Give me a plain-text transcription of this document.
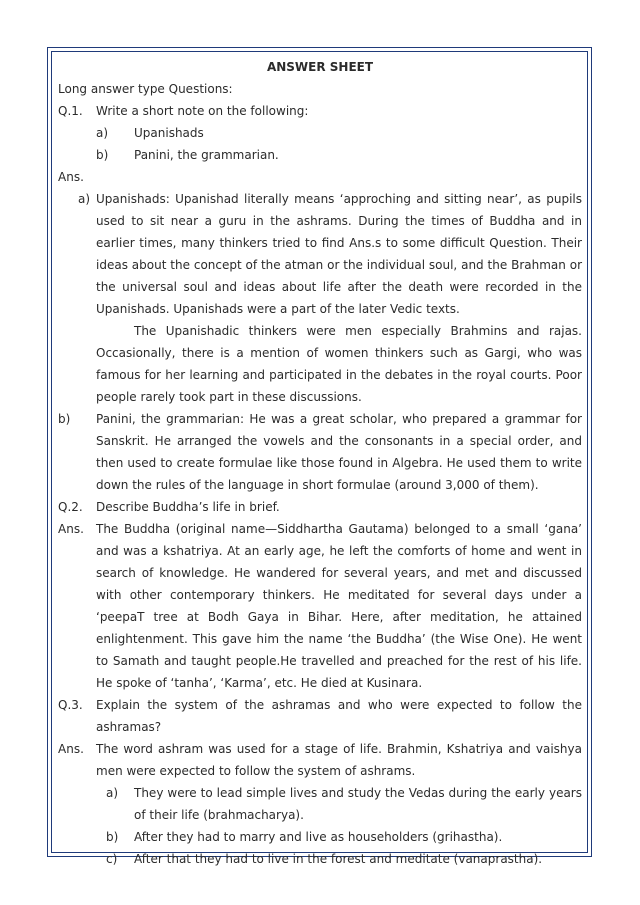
ANSWER SHEET
Long answer type Questions:
Q.1. Write a short note on the following:
a) Upanishads
b) Panini, the grammarian.
Ans.
a) Upanishads: Upanishad literally means ‘approching and sitting near’, as pupils used to sit near a guru in the ashrams. During the times of Buddha and in earlier times, many thinkers tried to find Ans.s to some difficult Question. Their ideas about the concept of the atman or the individual soul, and the Brahman or the universal soul and ideas about life after the death were recorded in the Upanishads. Upanishads were a part of the later Vedic texts.
The Upanishadic thinkers were men especially Brahmins and rajas. Occasionally, there is a mention of women thinkers such as Gargi, who was famous for her learning and participated in the debates in the royal courts. Poor people rarely took part in these discussions.
b) Panini, the grammarian: He was a great scholar, who prepared a grammar for Sanskrit. He arranged the vowels and the consonants in a special order, and then used to create formulae like those found in Algebra. He used them to write down the rules of the language in short formulae (around 3,000 of them).
Q.2. Describe Buddha’s life in brief.
Ans. The Buddha (original name—Siddhartha Gautama) belonged to a small ‘gana’ and was a kshatriya. At an early age, he left the comforts of home and went in search of knowledge. He wandered for several years, and met and discussed with other contemporary thinkers. He meditated for several days under a ‘peepaT tree at Bodh Gaya in Bihar. Here, after meditation, he attained enlightenment. This gave him the name ‘the Buddha’ (the Wise One). He went to Samath and taught people.He travelled and preached for the rest of his life. He spoke of ‘tanha’, ‘Karma’, etc. He died at Kusinara.
Q.3. Explain the system of the ashramas and who were expected to follow the ashramas?
Ans. The word ashram was used for a stage of life. Brahmin, Kshatriya and vaishya men were expected to follow the system of ashrams.
a) They were to lead simple lives and study the Vedas during the early years of their life (brahmacharya).
b) After they had to marry and live as householders (grihastha).
c) After that they had to live in the forest and meditate (vanaprastha).
